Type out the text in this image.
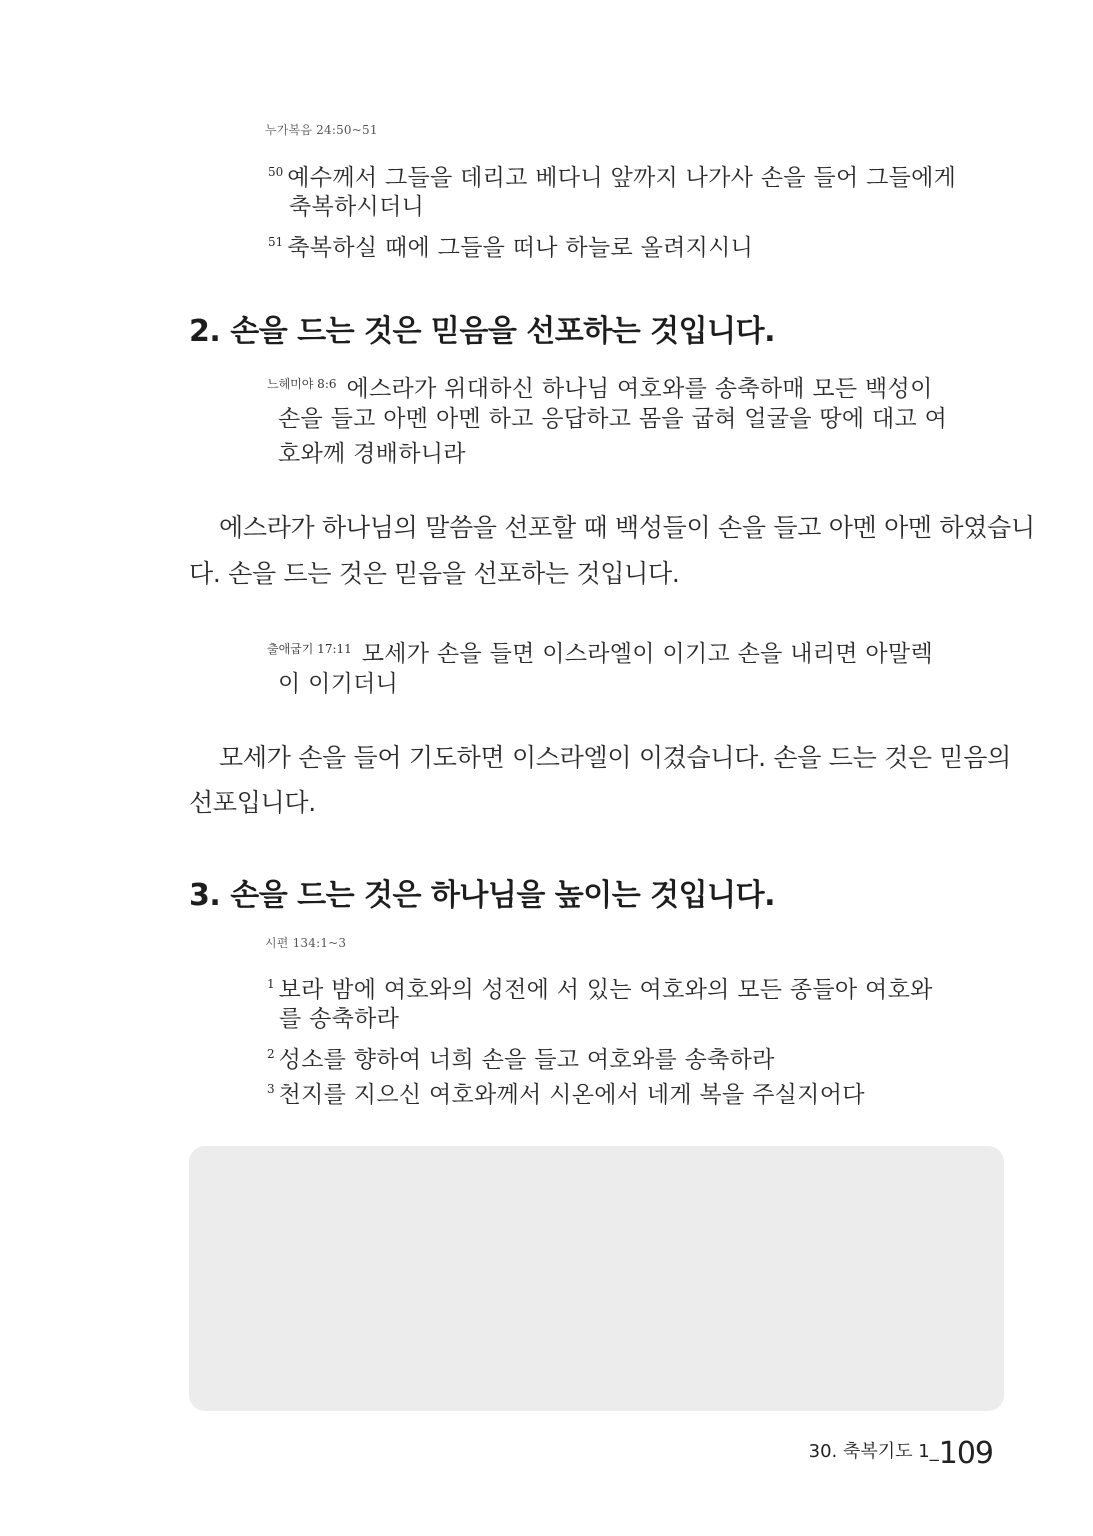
누가복음 24:50~51
$^{50}$ 예수께서 그들을 데리고 베다니 앞까지 나가사 손을 들어 그들에게
축복하시더니
$^{51}$ 축복하실 때에 그들을 떠나 하늘로 올려지시니
2. 손을 드는 것은 믿음을 선포하는 것입니다.
$^{느헤미야 8:6}$ 에스라가 위대하신 하나님 여호와를 송축하매 모든 백성이
손을 들고 아멘 아멘 하고 응답하고 몸을 굽혀 얼굴을 땅에 대고 여
호와께 경배하니라
에스라가 하나님의 말씀을 선포할 때 백성들이 손을 들고 아멘 아멘 하였습니
다. 손을 드는 것은 믿음을 선포하는 것입니다.
$^{출애굽기 17:11}$ 모세가 손을 들면 이스라엘이 이기고 손을 내리면 아말렉
이 이기더니
모세가 손을 들어 기도하면 이스라엘이 이겼습니다. 손을 드는 것은 믿음의
선포입니다.
3. 손을 드는 것은 하나님을 높이는 것입니다.
시편 134:1~3
$^1$ 보라 밤에 여호와의 성전에 서 있는 여호와의 모든 종들아 여호와
를 송축하라
$^2$ 성소를 향하여 너희 손을 들고 여호와를 송축하라
$^3$ 천지를 지으신 여호와께서 시온에서 네게 복을 주실지어다
30. 축복기도 1_109
